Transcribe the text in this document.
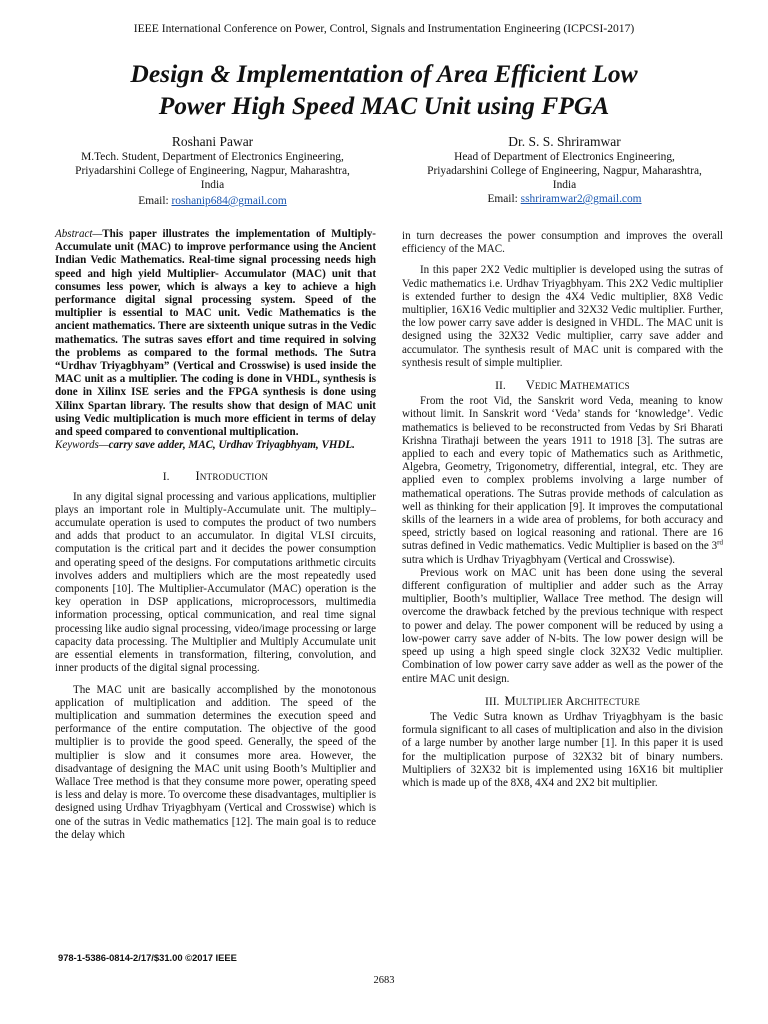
IEEE International Conference on Power, Control, Signals and Instrumentation Engineering (ICPCSI-2017)
Design & Implementation of Area Efficient Low
Power High Speed MAC Unit using FPGA
Roshani Pawar
M.Tech. Student, Department of Electronics Engineering,
Priyadarshini College of Engineering, Nagpur, Maharashtra,
India
Email: roshanip684@gmail.com
Dr. S. S. Shriramwar
Head of Department of Electronics Engineering,
Priyadarshini College of Engineering, Nagpur, Maharashtra,
India
Email: sshriramwar2@gmail.com

Abstract—This paper illustrates the implementation of Multiply-Accumulate unit (MAC) to improve performance using the Ancient Indian Vedic Mathematics. Real-time signal processing needs high speed and high yield Multiplier- Accumulator (MAC) unit that consumes less power, which is always a key to achieve a high performance digital signal processing system. Speed of the multiplier is essential to MAC unit. Vedic Mathematics is the ancient mathematics. There are sixteenth unique sutras in the Vedic mathematics. The sutras saves effort and time required in solving the problems as compared to the formal methods. The Sutra “Urdhav Triyagbhyam” (Vertical and Crosswise) is used inside the MAC unit as a multiplier. The coding is done in VHDL, synthesis is done in Xilinx ISE series and the FPGA synthesis is done using Xilinx Spartan library. The results show that design of MAC unit using Vedic multiplication is much more efficient in terms of delay and speed compared to conventional multiplication.

Keywords—carry save adder, MAC, Urdhav Triyagbhyam, VHDL.

I. INTRODUCTION

In any digital signal processing and various applications, multiplier plays an important role in Multiply-Accumulate unit. The multiply–accumulate operation is used to computes the product of two numbers and adds that product to an accumulator. In digital VLSI circuits, computation is the critical part and it decides the power consumption and operating speed of the designs. For computations arithmetic circuits involves adders and multipliers which are the most repeatedly used components [10]. The Multiplier-Accumulator (MAC) operation is the key operation in DSP applications, microprocessors, multimedia information processing, optical communication, and real time signal processing like audio signal processing, video/image processing or large capacity data processing. The Multiplier and Multiply Accumulate unit are essential elements in transformation, filtering, convolution, and inner products of the digital signal processing.

The MAC unit are basically accomplished by the monotonous application of multiplication and addition. The speed of the multiplication and summation determines the execution speed and performance of the entire computation. The objective of the good multiplier is to provide the good speed. Generally, the speed of the multiplier is slow and it consumes more area. However, the disadvantage of designing the MAC unit using Booth’s Multiplier and Wallace Tree method is that they consume more power, operating speed is less and delay is more. To overcome these disadvantages, multiplier is designed using Urdhav Triyagbhyam (Vertical and Crosswise) which is one of the sutras in Vedic mathematics [12]. The main goal is to reduce the delay which

in turn decreases the power consumption and improves the overall efficiency of the MAC.

In this paper 2X2 Vedic multiplier is developed using the sutras of Vedic mathematics i.e. Urdhav Triyagbhyam. This 2X2 Vedic multiplier is extended further to design the 4X4 Vedic multiplier, 8X8 Vedic multiplier, 16X16 Vedic multiplier and 32X32 Vedic multiplier. Further, the low power carry save adder is designed in VHDL. The MAC unit is designed using the 32X32 Vedic multiplier, carry save adder and accumulator. The synthesis result of MAC unit is compared with the synthesis result of simple multiplier.

II. VEDIC MATHEMATICS

From the root Vid, the Sanskrit word Veda, meaning to know without limit. In Sanskrit word ‘Veda’ stands for ‘knowledge’. Vedic mathematics is believed to be reconstructed from Vedas by Sri Bharati Krishna Tirathaji between the years 1911 to 1918 [3]. The sutras are applied to each and every topic of Mathematics such as Arithmetic, Algebra, Geometry, Trigonometry, differential, integral, etc. They are applied even to complex problems involving a large number of mathematical operations. The Sutras provide methods of calculation as well as thinking for their application [9]. It improves the computational skills of the learners in a wide area of problems, for both accuracy and speed, strictly based on logical reasoning and rational. There are 16 sutras defined in Vedic mathematics. Vedic Multiplier is based on the 3rd sutra which is Urdhav Triyagbhyam (Vertical and Crosswise).

Previous work on MAC unit has been done using the several different configuration of multiplier and adder such as the Array multiplier, Booth’s multiplier, Wallace Tree method. The design will overcome the drawback fetched by the previous technique with respect to power and delay. The power component will be reduced by using a low-power carry save adder of N-bits. The low power design will be speed up using a high speed single clock 32X32 Vedic multiplier. Combination of low power carry save adder as well as the power of the entire MAC unit design.

III. MULTIPLIER ARCHITECTURE

The Vedic Sutra known as Urdhav Triyagbhyam is the basic formula significant to all cases of multiplication and also in the division of a large number by another large number [1]. In this paper it is used for the multiplication purpose of 32X32 bit of binary numbers. Multipliers of 32X32 bit is implemented using 16X16 bit multiplier which is made up of the 8X8, 4X4 and 2X2 bit multiplier.

978-1-5386-0814-2/17/$31.00 ©2017 IEEE
2683
